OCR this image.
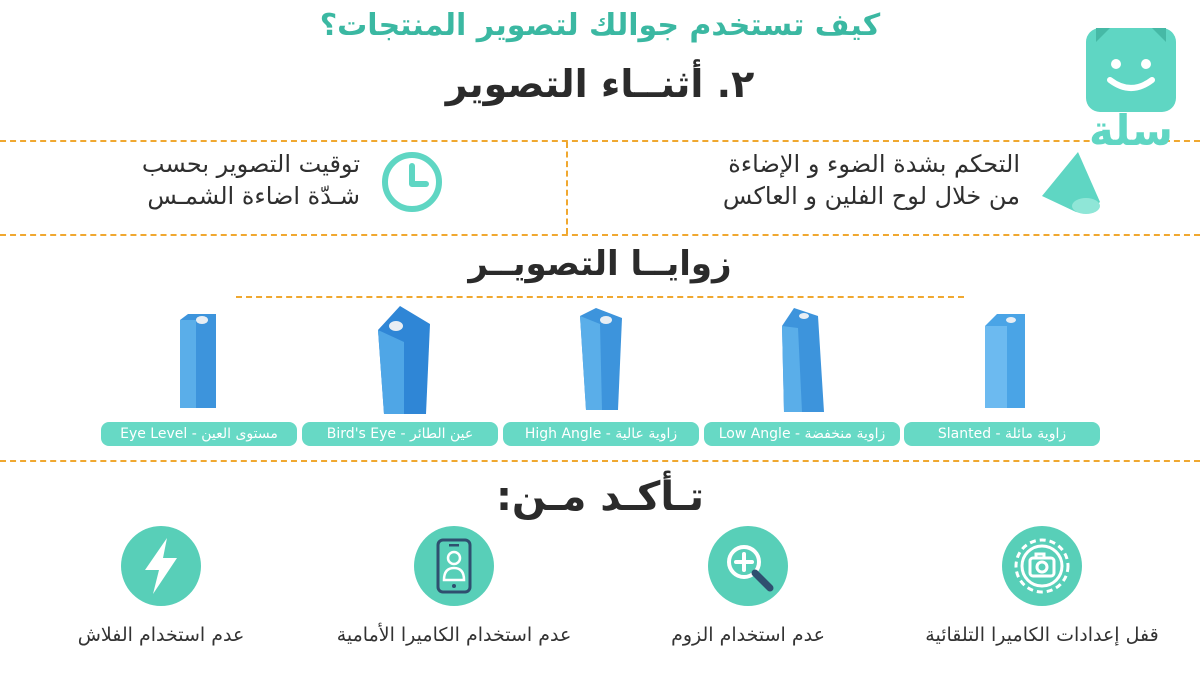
سلة
كيف تستخدم جوالك لتصوير المنتجات؟
٢. أثنــاء التصوير
التحكم بشدة الضوء و الإضاءة
من خلال لوح الفلين و العاكس
توقيت التصوير بحسب
شـدّة اضاءة الشمـس
زوايــا التصويــر
زاوية مائلة - Slanted
زاوية منخفضة - Low Angle
زاوية عالية - High Angle
عين الطائر - Bird's Eye
مستوى العين - Eye Level
تـأكـد مـن:
قفل إعدادات الكاميرا التلقائية
عدم استخدام الزوم
عدم استخدام الكاميرا الأمامية
عدم استخدام الفلاش
